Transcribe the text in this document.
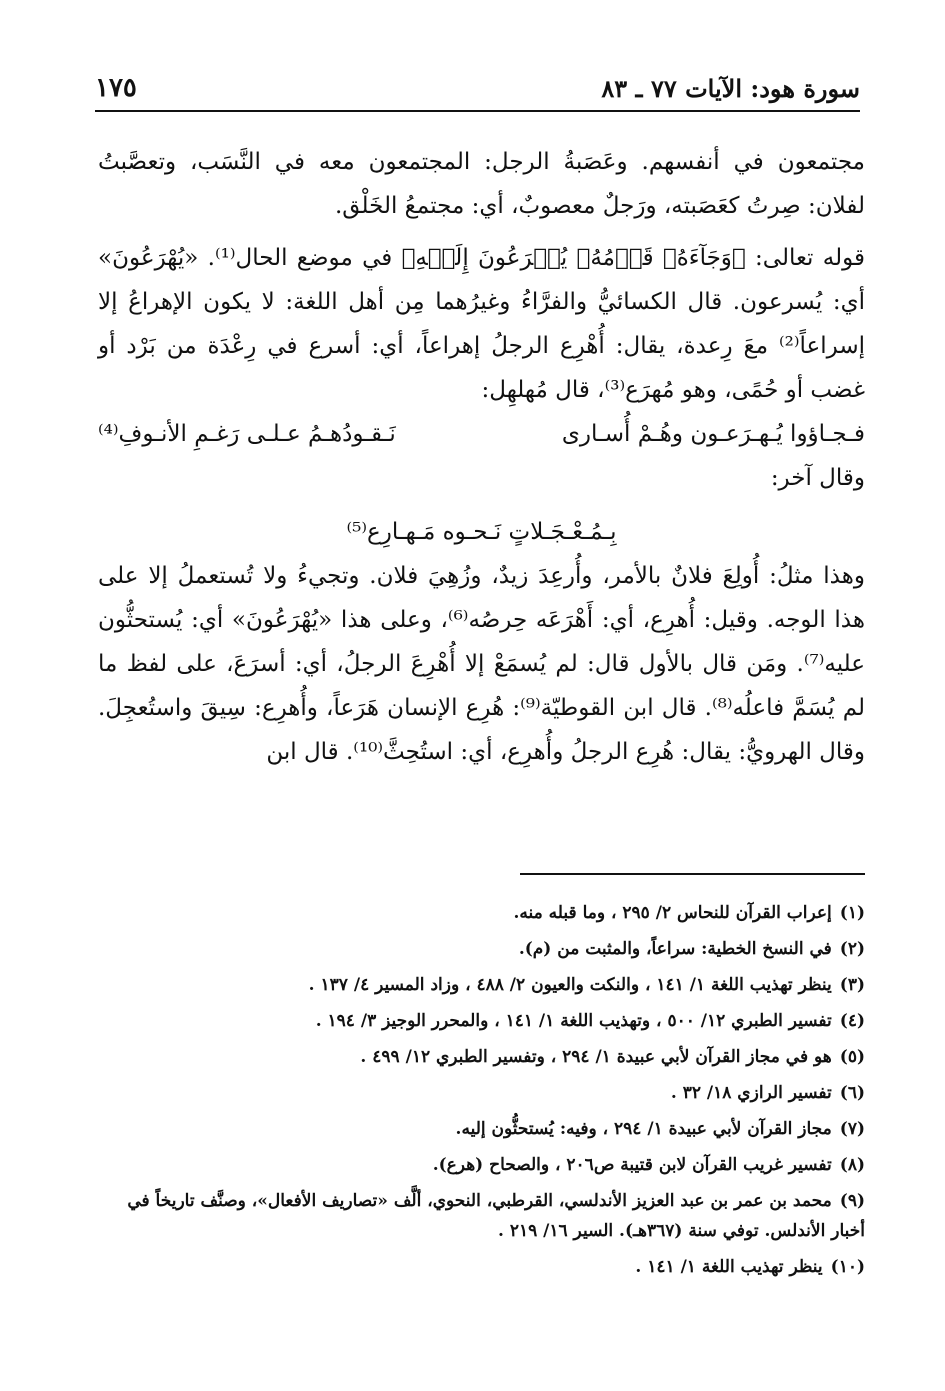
سورة هود: الآيات ٧٧ ـ ٨٣
١٧٥

مجتمعون في أنفسهم. وعَصَبةُ الرجل: المجتمعون معه في النَّسَب، وتعصَّبتُ لفلان: صِرتُ كعَصَبته، ورَجلٌ معصوبٌ، أي: مجتمعُ الخَلْق.

قوله تعالى: ﴿وَجَآءَهُۥ قَوۡمُهُۥ يُهۡرَعُونَ إِلَيۡهِ﴾ في موضع الحال⁽¹⁾. «يُهْرَعُونَ» أي: يُسرعون. قال الكسائيُّ والفرَّاءُ وغيرُهما مِن أهل اللغة: لا يكون الإهراعُ إلا إسراعاً⁽²⁾ معَ رِعدة، يقال: أُهْرِع الرجلُ إهراعاً، أي: أسرع في رِعْدَة من بَرْد أو غضب أو حُمًى، وهو مُهرَع⁽³⁾، قال مُهلهِل:

فـجـاؤوا يُـهـرَعـون وهُـمْ أُسـارى
نَـقـودُهـمُ عـلـى رَغـمِ الأنـوفِ⁽⁴⁾

وقال آخر:

بِـمُـعْـجَـلاتٍ نَـحـوه مَـهـارِع⁽⁵⁾

وهذا مثلُ: أُولِعَ فلانٌ بالأمر، وأُرعِدَ زيدٌ، وزُهِيَ فلان. وتجيءُ ولا تُستعملُ إلا على هذا الوجه. وقيل: أُهرِع، أي: أَهْرَعَه حِرصُه⁽⁶⁾، وعلى هذا «يُهْرَعُونَ» أي: يُستحثُّون عليه⁽⁷⁾. ومَن قال بالأول قال: لم يُسمَعْ إلا أُهْرِعَ الرجلُ، أي: أسرَعَ، على لفظ ما لم يُسَمَّ فاعلُه⁽⁸⁾. قال ابن القوطيّة⁽⁹⁾: هُرِع الإنسان هَرَعاً، وأُهرِع: سِيقَ واستُعجِلَ. وقال الهرويُّ: يقال: هُرِع الرجلُ وأُهرِع، أي: استُحِثَّ⁽¹⁰⁾. قال ابن

(١)إعراب القرآن للنحاس ٢/ ٢٩٥ ، وما قبله منه.

(٢)في النسخ الخطية: سراعاً، والمثبت من (م).

(٣)ينظر تهذيب اللغة ١/ ١٤١ ، والنكت والعيون ٢/ ٤٨٨ ، وزاد المسير ٤/ ١٣٧ .

(٤)تفسير الطبري ١٢/ ٥٠٠ ، وتهذيب اللغة ١/ ١٤١ ، والمحرر الوجيز ٣/ ١٩٤ .

(٥)هو في مجاز القرآن لأبي عبيدة ١/ ٢٩٤ ، وتفسير الطبري ١٢/ ٤٩٩ .

(٦)تفسير الرازي ١٨/ ٣٢ .

(٧)مجاز القرآن لأبي عبيدة ١/ ٢٩٤ ، وفيه: يُستحثُّون إليه.

(٨)تفسير غريب القرآن لابن قتيبة ص٢٠٦ ، والصحاح (هرع).

(٩)محمد بن عمر بن عبد العزيز الأندلسي، القرطبي، النحوي، ألَّف «تصاريف الأفعال»، وصنَّف تاريخاً في أخبار الأندلس. توفي سنة (٣٦٧هـ). السير ١٦/ ٢١٩ .

(١٠)ينظر تهذيب اللغة ١/ ١٤١ .
